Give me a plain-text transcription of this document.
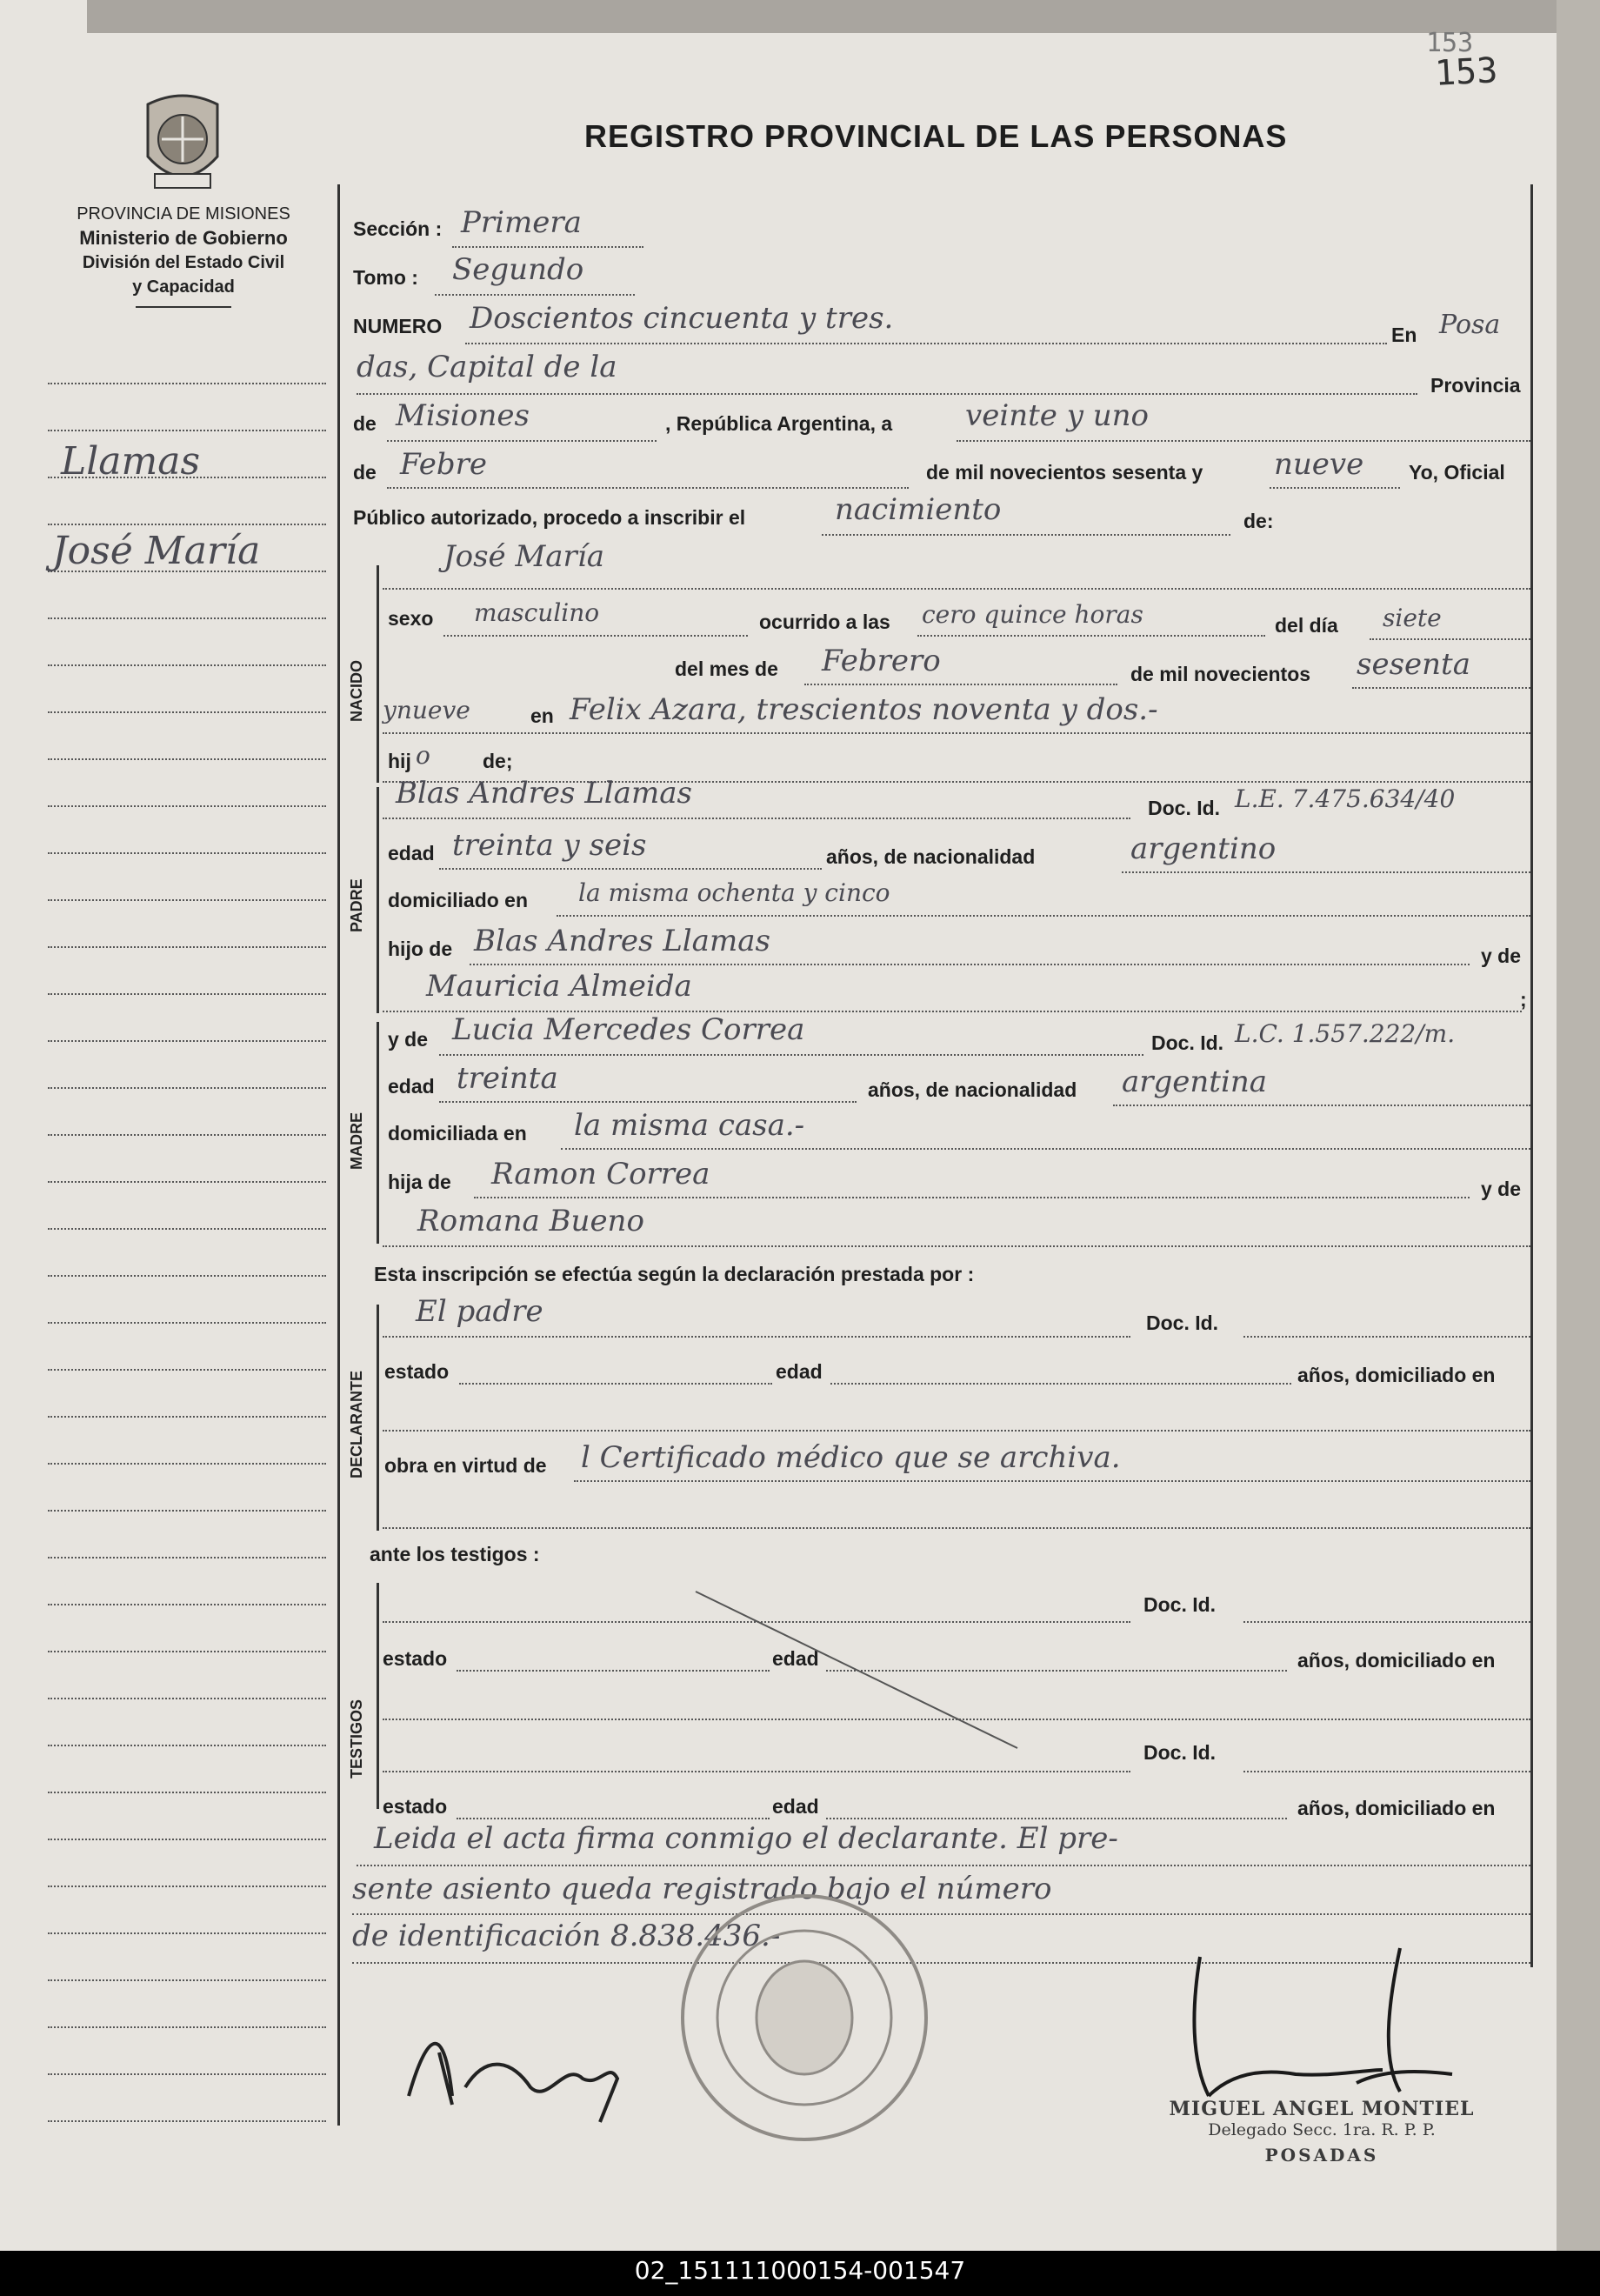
153
153
PROVINCIA DE MISIONES
Ministerio de Gobierno
División del Estado Civil
y Capacidad
REGISTRO PROVINCIAL DE LAS PERSONAS
Llamas
José María
Sección : Primera
Tomo : Segundo
NUMERO Doscientos cincuenta y tres.	En Posa
das, Capital de la
Provincia
de Misiones	, República Argentina, a veinte y uno
de Febre	de mil novecientos sesenta y nueve Yo, Oficial
Público autorizado, procedo a inscribir el	nacimiento	de:
NACIDO
José María
sexo masculino	ocurrido a las cero quince horas	del día siete
del mes de Febrero	de mil novecientos sesenta
ynueve	en Felix Azara, trescientos noventa y dos.-
hij o	de;
PADRE
Blas Andres Llamas	Doc. Id. L.E. 7.475.634/40
edad treinta y seis	años, de nacionalidad	argentino
domiciliado en la misma ochenta y cinco
hijo de Blas Andres Llamas	y de
Mauricia Almeida	;
MADRE
y de Lucia Mercedes Correa	Doc. Id. L.C. 1.557.222/m.
edad treinta	años, de nacionalidad argentina
domiciliada en la misma casa.-
hija de Ramon Correa	y de
Romana Bueno
Esta inscripción se efectúa según la declaración prestada por :
DECLARANTE
El padre	Doc. Id.
estado	edad	años, domiciliado en
obra en virtud de l Certificado médico que se archiva.
ante los testigos :
TESTIGOS
Doc. Id.
estado	edad	años, domiciliado en
Doc. Id.
estado	edad	años, domiciliado en
Leida el acta firma conmigo el declarante. El pre-
sente asiento queda registrado bajo el número
de identificación 8.838.436.-
MIGUEL ANGEL MONTIEL
Delegado Secc. 1ra. R. P. P.
POSADAS
02_151111000154-001547
